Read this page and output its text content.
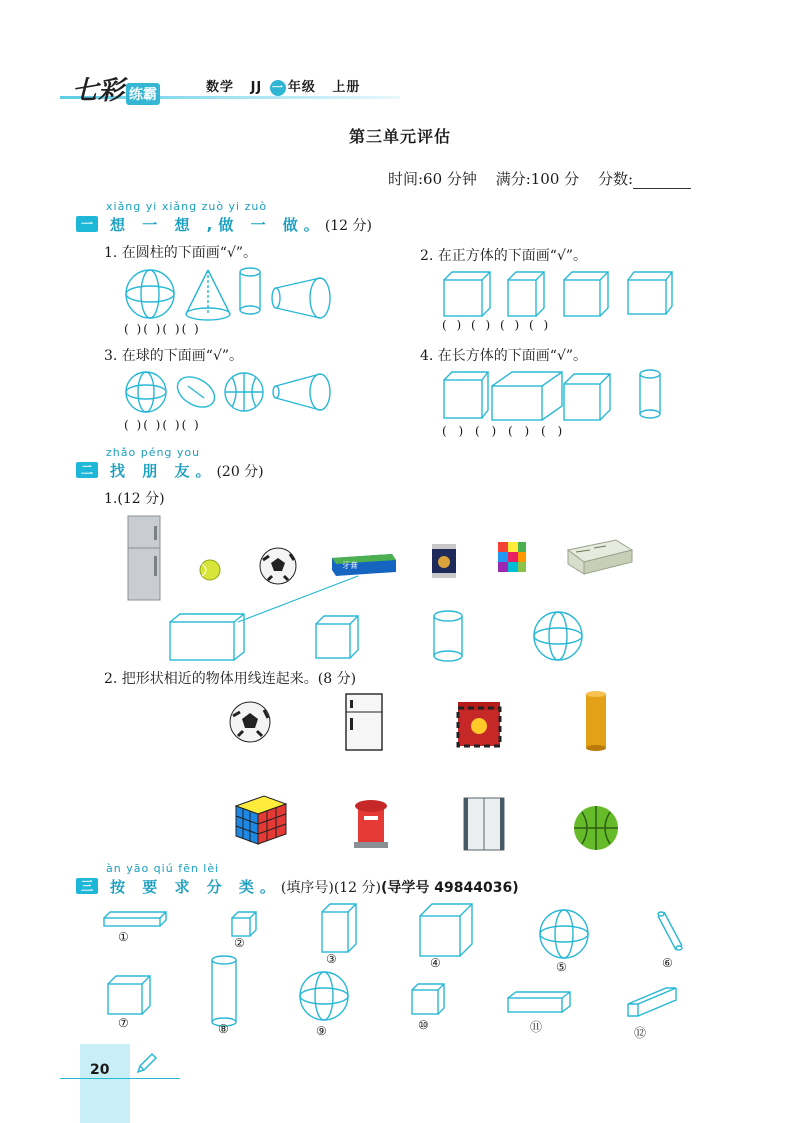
七彩 练霸	数学 JJ 一 年级 上册
第三单元评估
时间:60 分钟 满分:100 分 分数:
xiǎng yi xiǎng zuò yi zuò
一	想 一 想 ,做 一 做。(12 分)
1. 在圆柱的下面画“√”。	2. 在正方体的下面画“√”。
3. 在球的下面画“√”。	4. 在长方体的下面画“√”。
( )( )( )( )	( ) ( ) ( ) ( )
( )( )( )( )	( ) ( ) ( ) ( )
zhǎo péng you
二	找 朋 友。(20 分)
1.(12 分)
牙膏
2. 把形状相近的物体用线连起来。(8 分)
àn yāo qiú fēn lèi
三	按 要 求 分 类。(填序号)(12 分)(导学号 49844036)
①	②
③	④	⑤	⑥
⑦	⑧	⑨	⑩	⑪	⑫
20
